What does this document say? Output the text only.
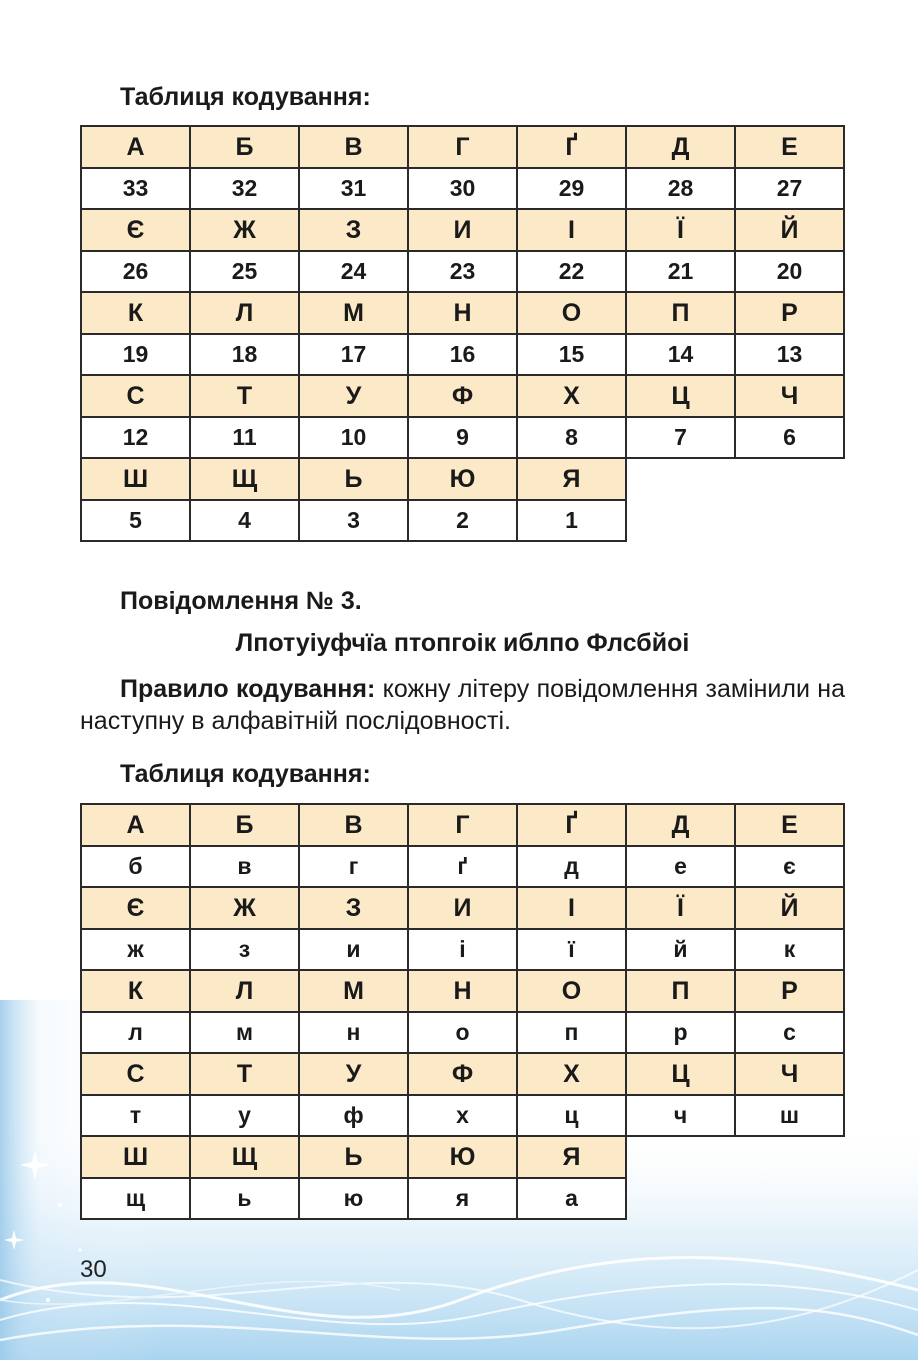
Таблиця кодування:
А	Б	В	Г	Ґ	Д	Е
33	32	31	30	29	28	27
Є	Ж	З	И	І	Ї	Й
26	25	24	23	22	21	20
К	Л	М	Н	О	П	Р
19	18	17	16	15	14	13
С	Т	У	Ф	Х	Ц	Ч
12	11	10	9	8	7	6
Ш	Щ	Ь	Ю	Я		
5	4	3	2	1		
Повідомлення № 3.
Лпотуіуфчїа птопгоік иблпо Флсбйоі
Правило кодування: кожну літеру повідомлення замінили на наступну в алфавітній послідовності.
Таблиця кодування:
А	Б	В	Г	Ґ	Д	Е
б	в	г	ґ	д	е	є
Є	Ж	З	И	І	Ї	Й
ж	з	и	і	ї	й	к
К	Л	М	Н	О	П	Р
л	м	н	о	п	р	с
С	Т	У	Ф	Х	Ц	Ч
т	у	ф	х	ц	ч	ш
Ш	Щ	Ь	Ю	Я		
щ	ь	ю	я	а		
30
